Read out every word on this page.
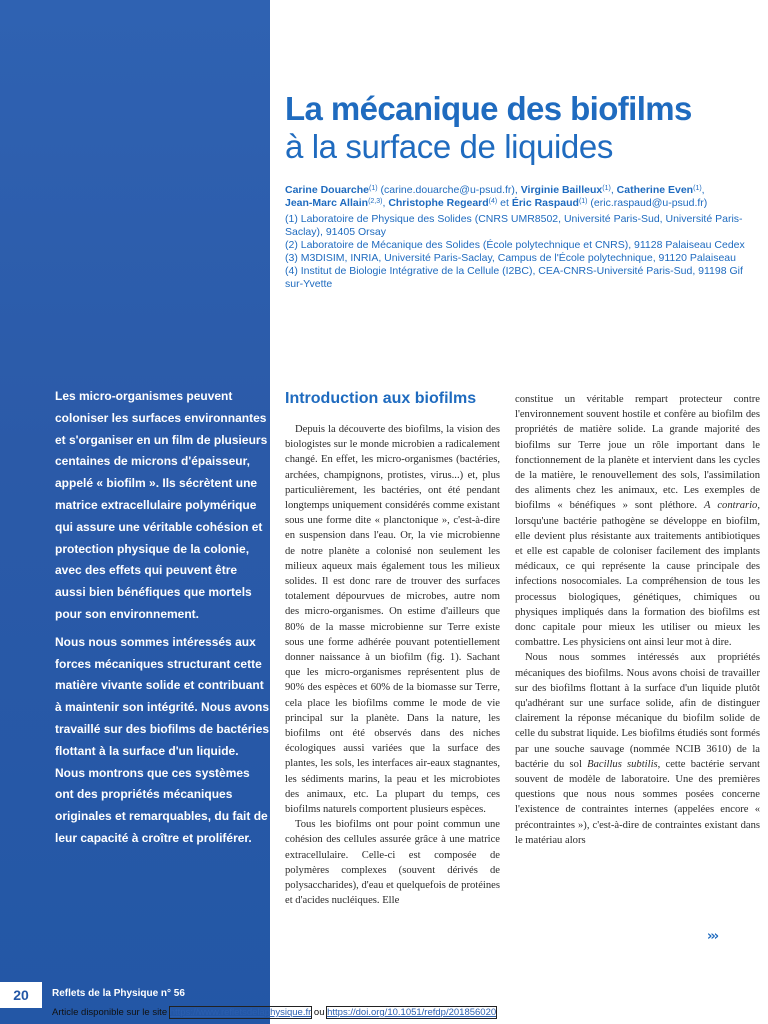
Les micro-organismes peuvent coloniser les surfaces environnantes et s'organiser en un film de plusieurs centaines de microns d'épaisseur, appelé « biofilm ». Ils sécrètent une matrice extracellulaire polymérique qui assure une véritable cohésion et protection physique de la colonie, avec des effets qui peuvent être aussi bien bénéfiques que mortels pour son environnement.

Nous nous sommes intéressés aux forces mécaniques structurant cette matière vivante solide et contribuant à maintenir son intégrité. Nous avons travaillé sur des biofilms de bactéries flottant à la surface d'un liquide. Nous montrons que ces systèmes ont des propriétés mécaniques originales et remarquables, du fait de leur capacité à croître et proliférer.

La mécanique des biofilms
à la surface de liquides
Carine Douarche$^{(1)}$ (carine.douarche@u-psud.fr), Virginie Bailleux$^{(1)}$, Catherine Even$^{(1)}$,
Jean-Marc Allain$^{(2,3)}$, Christophe Regeard$^{(4)}$ et Éric Raspaud$^{(1)}$ (eric.raspaud@u-psud.fr)
(1) Laboratoire de Physique des Solides (CNRS UMR8502, Université Paris-Sud, Université Paris-Saclay), 91405 Orsay
(2) Laboratoire de Mécanique des Solides (École polytechnique et CNRS), 91128 Palaiseau Cedex
(3) M3DISIM, INRIA, Université Paris-Saclay, Campus de l'École polytechnique, 91120 Palaiseau
(4) Institut de Biologie Intégrative de la Cellule (I2BC), CEA-CNRS-Université Paris-Sud, 91198 Gif sur-Yvette
Introduction aux biofilms

Depuis la découverte des biofilms, la vision des biologistes sur le monde microbien a radicalement changé. En effet, les micro-organismes (bactéries, archées, champignons, protistes, virus...) et, plus particulièrement, les bactéries, ont été pendant longtemps uniquement considérés comme existant sous une forme dite « planctonique », c'est-à-dire en suspension dans l'eau. Or, la vie microbienne de notre planète a colonisé non seulement les milieux aqueux mais également tous les milieux solides. Il est donc rare de trouver des surfaces totalement dépourvues de microbes, autre nom des micro-organismes. On estime d'ailleurs que 80% de la masse microbienne sur Terre existe sous une forme adhérée pouvant potentiellement donner naissance à un biofilm (fig. 1). Sachant que les micro-organismes représentent plus de 90% des espèces et 60% de la biomasse sur Terre, cela place les biofilms comme le mode de vie principal sur la planète. Dans la nature, les biofilms ont été observés dans des niches écologiques aussi variées que la surface des plantes, les sols, les interfaces air-eaux stagnantes, les sédiments marins, la peau et les microbiotes des animaux, etc. La plupart du temps, ces biofilms naturels comportent plusieurs espèces.

Tous les biofilms ont pour point commun une cohésion des cellules assurée grâce à une matrice extracellulaire. Celle-ci est composée de polymères complexes (souvent dérivés de polysaccharides), d'eau et quelquefois de protéines et d'acides nucléiques. Elle

constitue un véritable rempart protecteur contre l'environnement souvent hostile et confère au biofilm des propriétés de matière solide. La grande majorité des biofilms sur Terre joue un rôle important dans le fonctionnement de la planète et intervient dans les cycles de la matière, le renouvellement des sols, l'assimilation des aliments chez les animaux, etc. Les exemples de biofilms « bénéfiques » sont pléthore. A contrario, lorsqu'une bactérie pathogène se développe en biofilm, elle devient plus résistante aux traitements antibiotiques et elle est capable de coloniser facilement des implants médicaux, ce qui représente la cause principale des infections nosocomiales. La compréhension de tous les processus biologiques, génétiques, chimiques ou physiques impliqués dans la formation des biofilms est donc capitale pour mieux les utiliser ou mieux les combattre. Les physiciens ont ainsi leur mot à dire.

Nous nous sommes intéressés aux propriétés mécaniques des biofilms. Nous avons choisi de travailler sur des biofilms flottant à la surface d'un liquide plutôt qu'adhérant sur une surface solide, afin de distinguer clairement la réponse mécanique du biofilm solide de celle du substrat liquide. Les biofilms étudiés sont formés par une souche sauvage (nommée NCIB 3610) de la bactérie du sol Bacillus subtilis, cette bactérie servant souvent de modèle de laboratoire. Une des premières questions que nous nous sommes posées concerne l'existence de contraintes internes (appelées encore « précontraintes »), c'est-à-dire de contraintes existant dans le matériau alors

›››
20	Reflets de la Physique n° 56
Article disponible sur le site https://www.refletsdelaphysique.fr ou https://doi.org/10.1051/refdp/201856020
